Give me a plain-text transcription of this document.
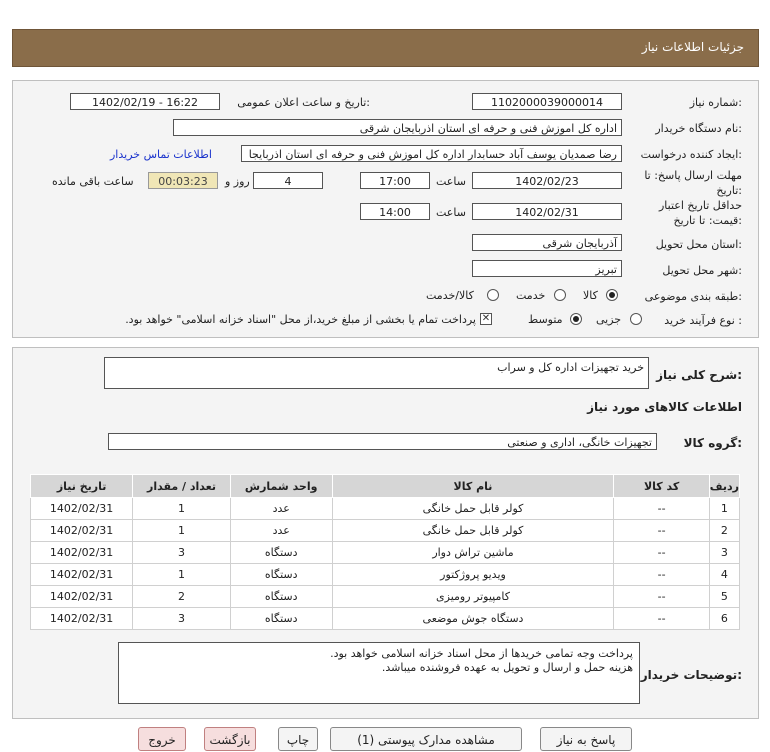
جزئیات اطلاعات نیاز
شماره نیاز:
1102000039000014
تاریخ و ساعت اعلان عمومی:
1402/02/19 - 16:22
نام دستگاه خریدار:
اداره کل اموزش فنی و حرفه ای استان اذربایجان شرقی
ایجاد کننده درخواست:
رضا صمدیان یوسف آباد حسابدار اداره کل اموزش فنی و حرفه ای استان اذربایجا
اطلاعات تماس خریدار
مهلت ارسال پاسخ: تا تاریخ:
1402/02/23
ساعت
17:00
4
روز و
00:03:23
ساعت باقی مانده
حداقل تاریخ اعتبار قیمت: تا تاریخ:
1402/02/31
ساعت
14:00
استان محل تحویل:
آذربایجان شرقی
شهر محل تحویل:
تبریز
طبقه بندی موضوعی:
کالا
خدمت
کالا/خدمت
نوع فرآیند خرید :
جزیی
متوسط
✕
پرداخت تمام یا بخشی از مبلغ خرید،از محل "اسناد خزانه اسلامی" خواهد بود.
شرح کلی نیاز:
خرید تجهیزات اداره کل و سراب
اطلاعات کالاهای مورد نیاز
گروه کالا:
تجهیزات خانگی، اداری و صنعتی
ردیف	کد کالا	نام کالا	واحد شمارش	تعداد / مقدار	تاریخ نیاز
1	--	کولر قابل حمل خانگی	عدد	1	1402/02/31
2	--	کولر قابل حمل خانگی	عدد	1	1402/02/31
3	--	ماشین تراش دوار	دستگاه	3	1402/02/31
4	--	ویدیو پروژکتور	دستگاه	1	1402/02/31
5	--	کامپیوتر رومیزی	دستگاه	2	1402/02/31
6	--	دستگاه جوش موضعی	دستگاه	3	1402/02/31
توضیحات خریدار:
پرداخت وجه تمامی خریدها از محل اسناد خزانه اسلامی خواهد بود.
هزینه حمل و ارسال و تحویل به عهده فروشنده میباشد.
پاسخ به نیاز
مشاهده مدارک پیوستی (1)
چاپ
بازگشت
خروج
